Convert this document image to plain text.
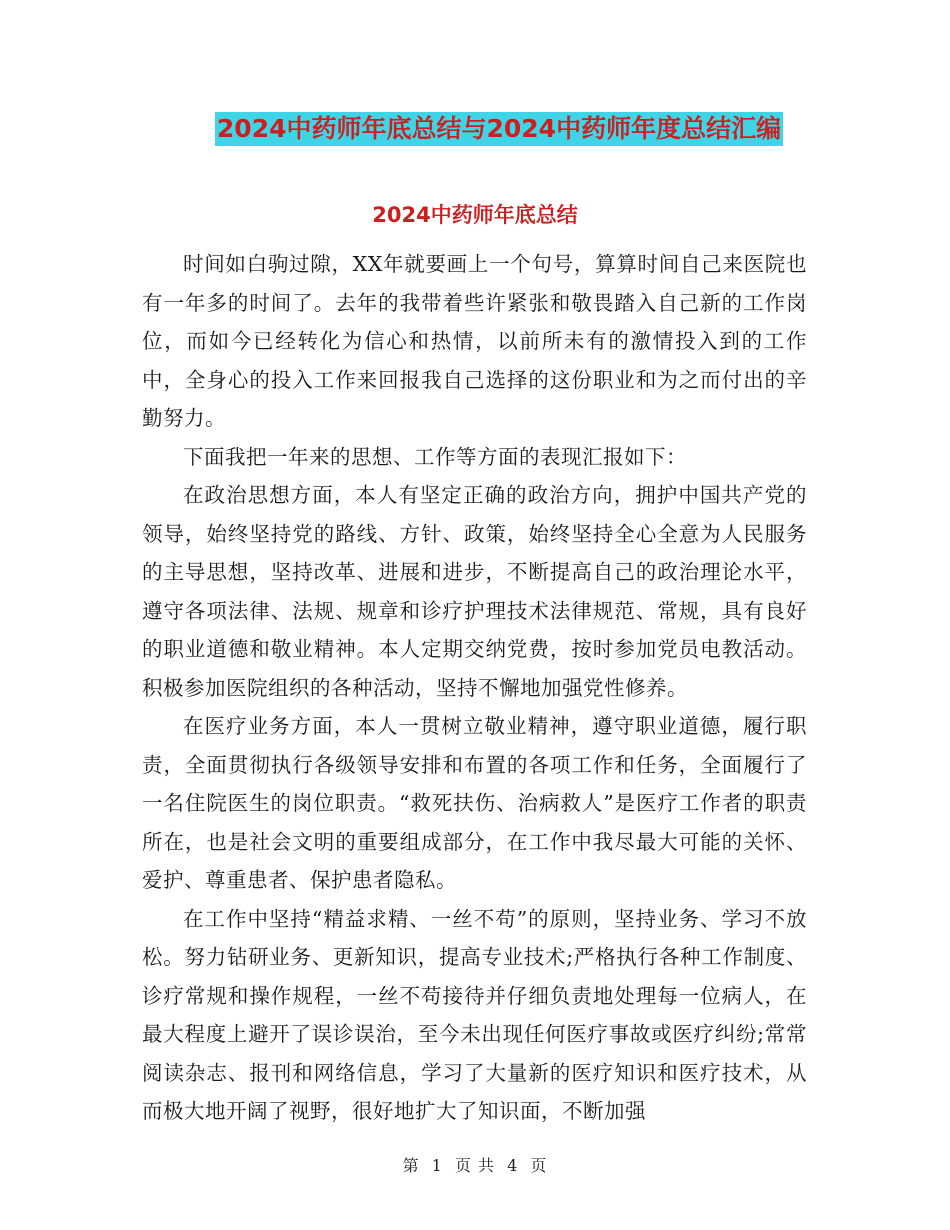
2024中药师年底总结与2024中药师年度总结汇编
2024中药师年底总结

时间如白驹过隙，XX年就要画上一个句号，算算时间自己来医院也有一年多的时间了。去年的我带着些许紧张和敬畏踏入自己新的工作岗位，而如今已经转化为信心和热情，以前所未有的激情投入到的工作中，全身心的投入工作来回报我自己选择的这份职业和为之而付出的辛勤努力。

下面我把一年来的思想、工作等方面的表现汇报如下：

在政治思想方面，本人有坚定正确的政治方向，拥护中国共产党的领导，始终坚持党的路线、方针、政策，始终坚持全心全意为人民服务的主导思想，坚持改革、进展和进步，不断提高自己的政治理论水平，遵守各项法律、法规、规章和诊疗护理技术法律规范、常规，具有良好的职业道德和敬业精神。本人定期交纳党费，按时参加党员电教活动。积极参加医院组织的各种活动，坚持不懈地加强党性修养。

在医疗业务方面，本人一贯树立敬业精神，遵守职业道德，履行职责，全面贯彻执行各级领导安排和布置的各项工作和任务，全面履行了一名住院医生的岗位职责。“救死扶伤、治病救人”是医疗工作者的职责所在，也是社会文明的重要组成部分，在工作中我尽最大可能的关怀、爱护、尊重患者、保护患者隐私。

在工作中坚持“精益求精、一丝不苟”的原则，坚持业务、学习不放松。努力钻研业务、更新知识，提高专业技术;严格执行各种工作制度、诊疗常规和操作规程，一丝不苟接待并仔细负责地处理每一位病人，在最大程度上避开了误诊误治，至今未出现任何医疗事故或医疗纠纷;常常阅读杂志、报刊和网络信息，学习了大量新的医疗知识和医疗技术，从而极大地开阔了视野，很好地扩大了知识面，不断加强

第 1 页 共 4 页
